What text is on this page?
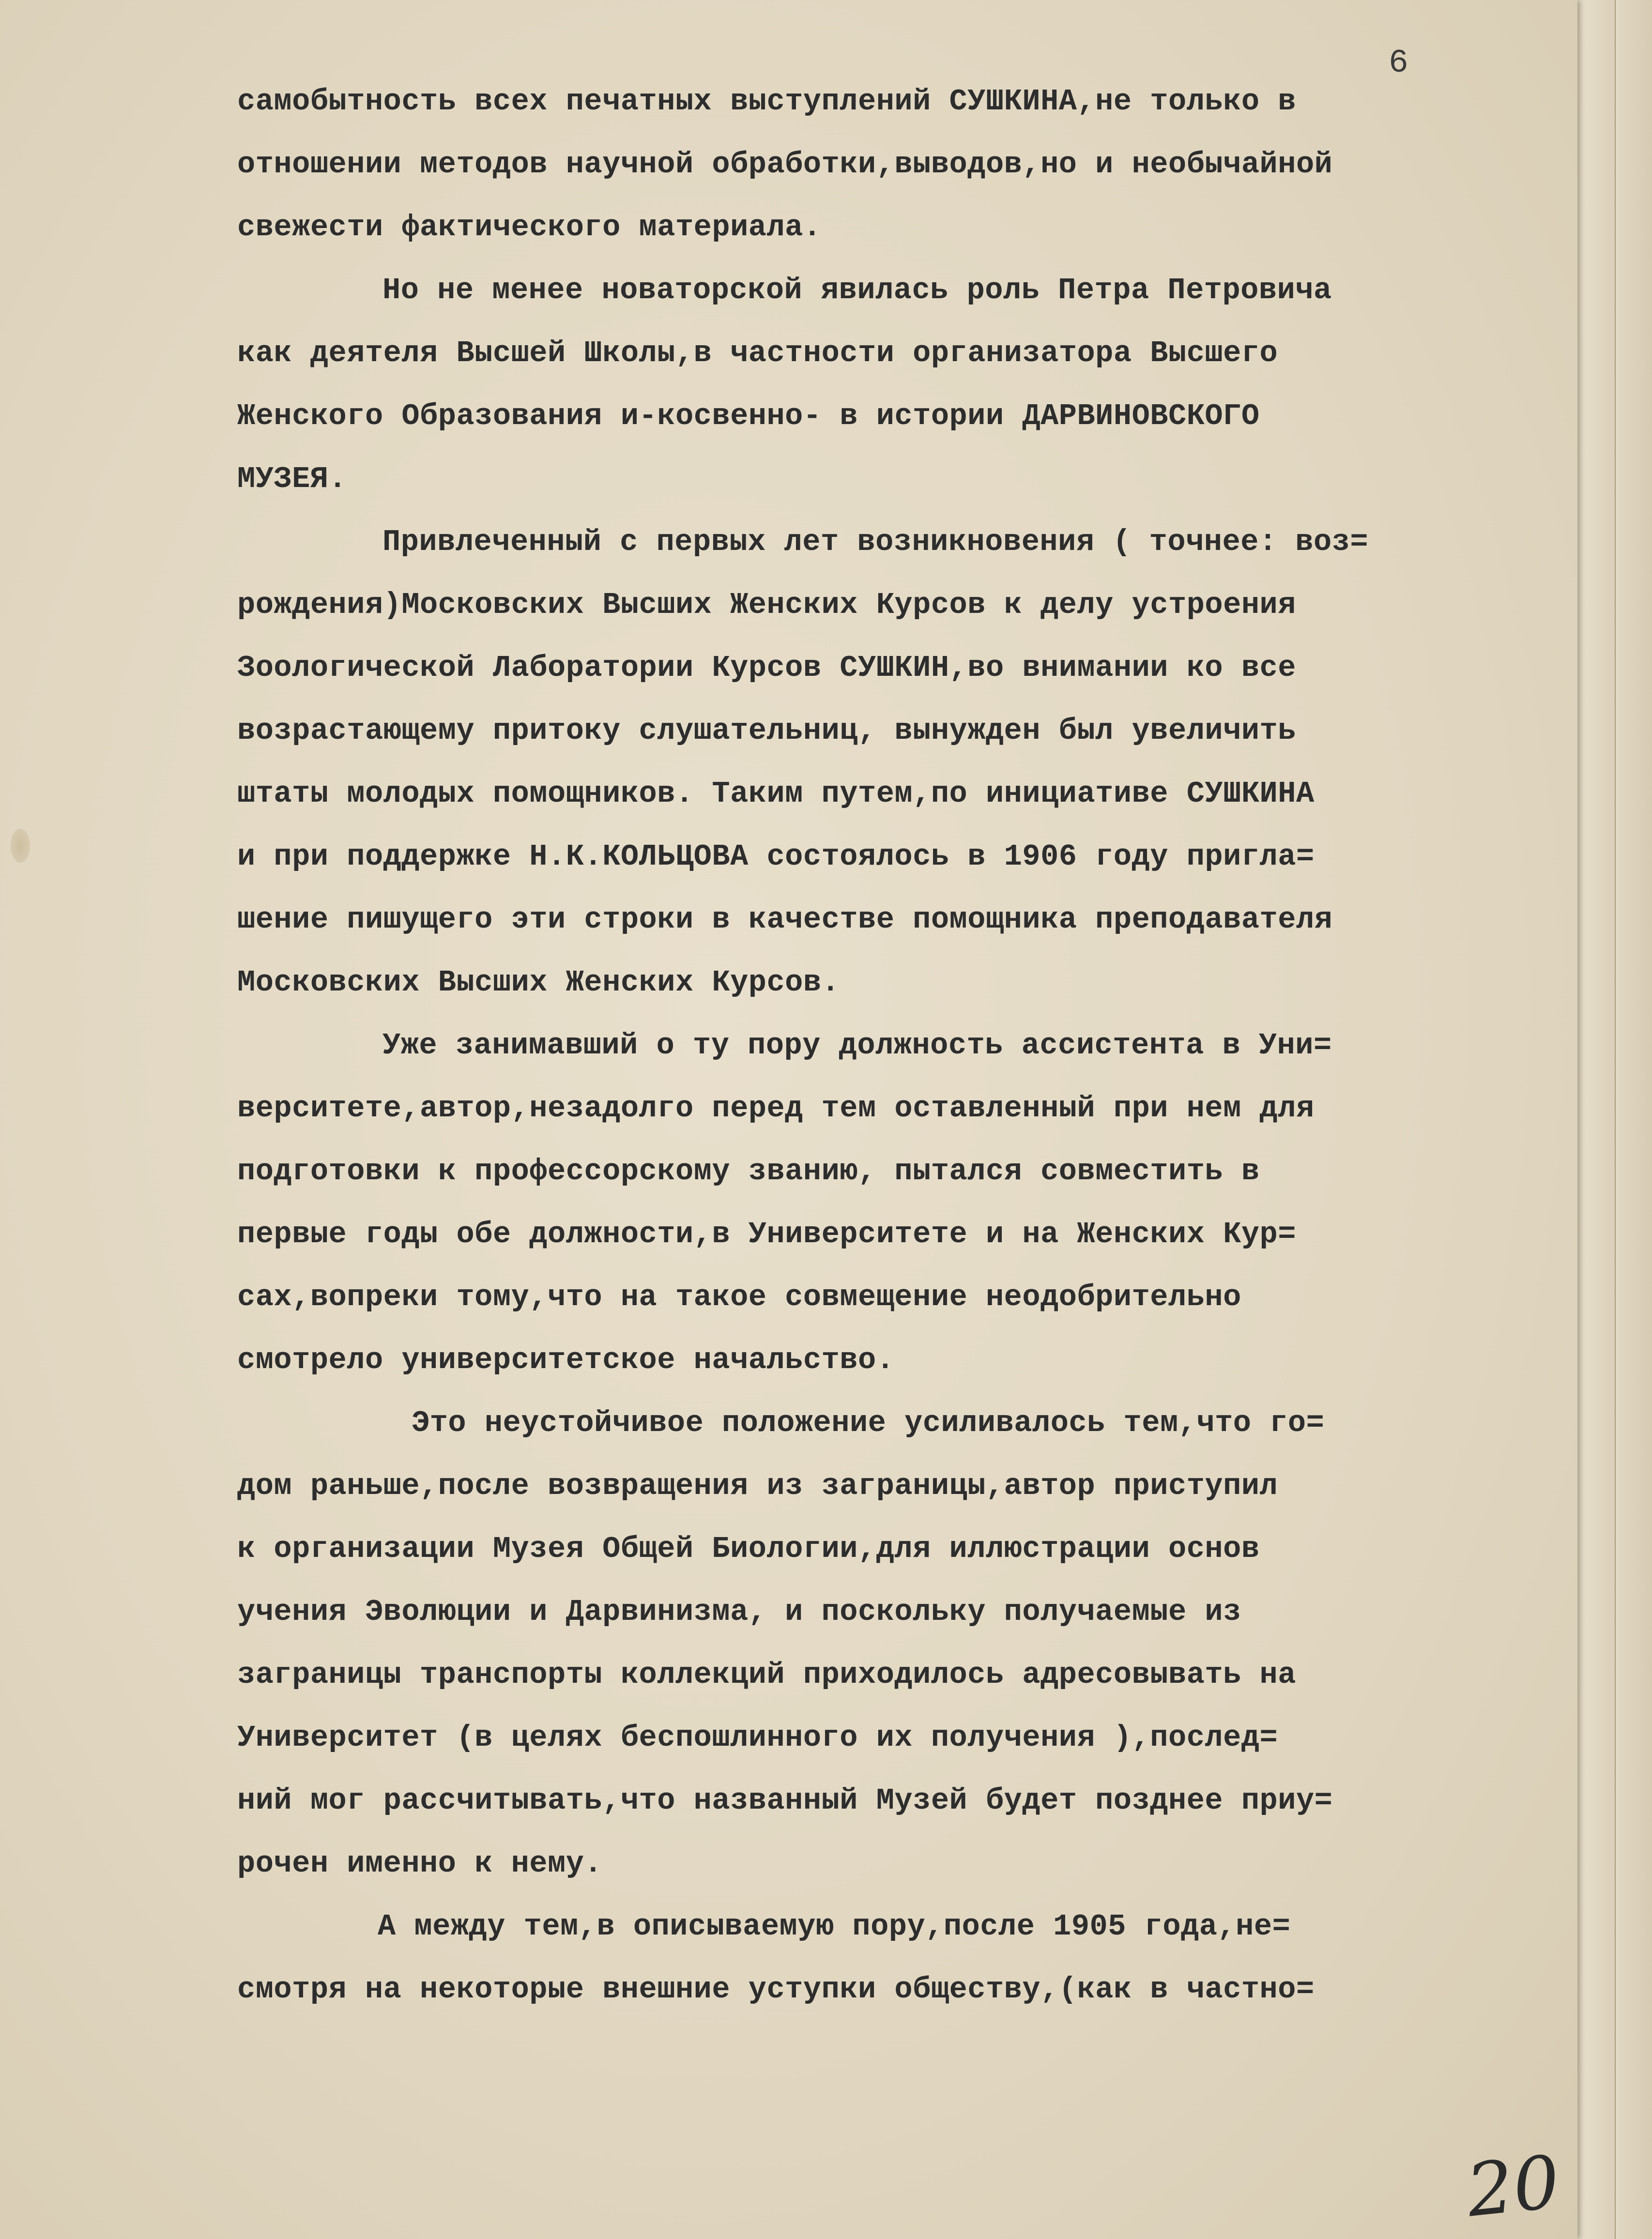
6
самобытность всех печатных выступлений СУШКИНА,не только в
отношении методов научной обработки,выводов,но и необычайной
свежести фактического материала.
Но не менее новаторской явилась роль Петра Петровича
как деятеля Высшей Школы,в частности организатора Высшего
Женского Образования и-косвенно- в истории ДАРВИНОВСКОГО
МУЗЕЯ.
Привлеченный с первых лет возникновения ( точнее: воз=
рождения)Московских Высших Женских Курсов к делу устроения
Зоологической Лаборатории Курсов СУШКИН,во внимании ко все
возрастающему притоку слушательниц, вынужден был увеличить
штаты молодых помощников. Таким путем,по инициативе СУШКИНА
и при поддержке Н.К.КОЛЬЦОВА состоялось в 1906 году пригла=
шение пишущего эти строки в качестве помощника преподавателя
Московских Высших Женских Курсов.
Уже занимавший о ту пору должность ассистента в Уни=
верситете,автор,незадолго перед тем оставленный при нем для
подготовки к профессорскому званию, пытался совместить в
первые годы обе должности,в Университете и на Женских Кур=
сах,вопреки тому,что на такое совмещение неодобрительно
смотрело университетское начальство.
Это неустойчивое положение усиливалось тем,что го=
дом раньше,после возвращения из заграницы,автор приступил
к организации Музея Общей Биологии,для иллюстрации основ
учения Эволюции и Дарвинизма, и поскольку получаемые из
заграницы транспорты коллекций приходилось адресовывать на
Университет (в целях беспошлинного их получения ),послед=
ний мог рассчитывать,что названный Музей будет позднее приу=
рочен именно к нему.
А между тем,в описываемую пору,после 1905 года,не=
смотря на некоторые внешние уступки обществу,(как в частно=
20
